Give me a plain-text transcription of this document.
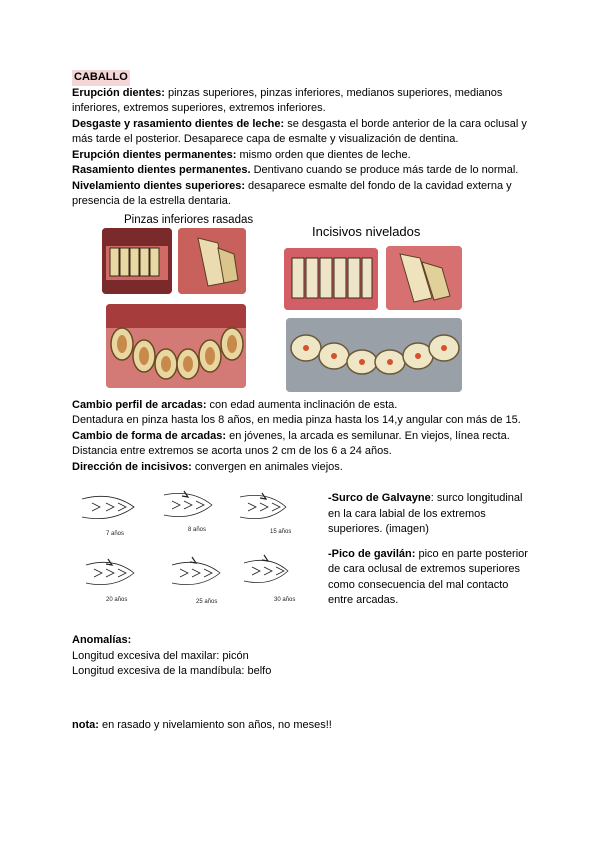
CABALLO

Erupción dientes: pinzas superiores, pinzas inferiores, medianos superiores, medianos inferiores, extremos superiores, extremos inferiores.

Desgaste y rasamiento dientes de leche: se desgasta el borde anterior de la cara oclusal y más tarde el posterior. Desaparece capa de esmalte y visualización de dentina.

Erupción dientes permanentes: mismo orden que dientes de leche.

Rasamiento dientes permanentes. Dentivano cuando se produce más tarde de lo normal.

Nivelamiento dientes superiores: desaparece esmalte del fondo de la cavidad externa y presencia de la estrella dentaria.

Pinzas inferiores rasadas
Incisivos nivelados

Cambio perfil de arcadas: con edad aumenta inclinación de esta.

Dentadura en pinza hasta los 8 años, en media pinza hasta los 14,y angular con más de 15.

Cambio de forma de arcadas: en jóvenes, la arcada es semilunar. En viejos, línea recta.

Distancia entre extremos se acorta unos 2 cm de los 6 a 24 años.

Dirección de incisivos: convergen en animales viejos.

7 años
8 años	15 años
20 años	25 años	30 años

-Surco de Galvayne: surco longitudinal en la cara labial de los extremos superiores. (imagen)

-Pico de gavilán: pico en parte posterior de cara oclusal de extremos superiores como consecuencia del mal contacto entre arcadas.

Anomalías:

Longitud excesiva del maxilar: picón

Longitud excesiva de la mandíbula: belfo

nota: en rasado y nivelamiento son años, no meses!!
